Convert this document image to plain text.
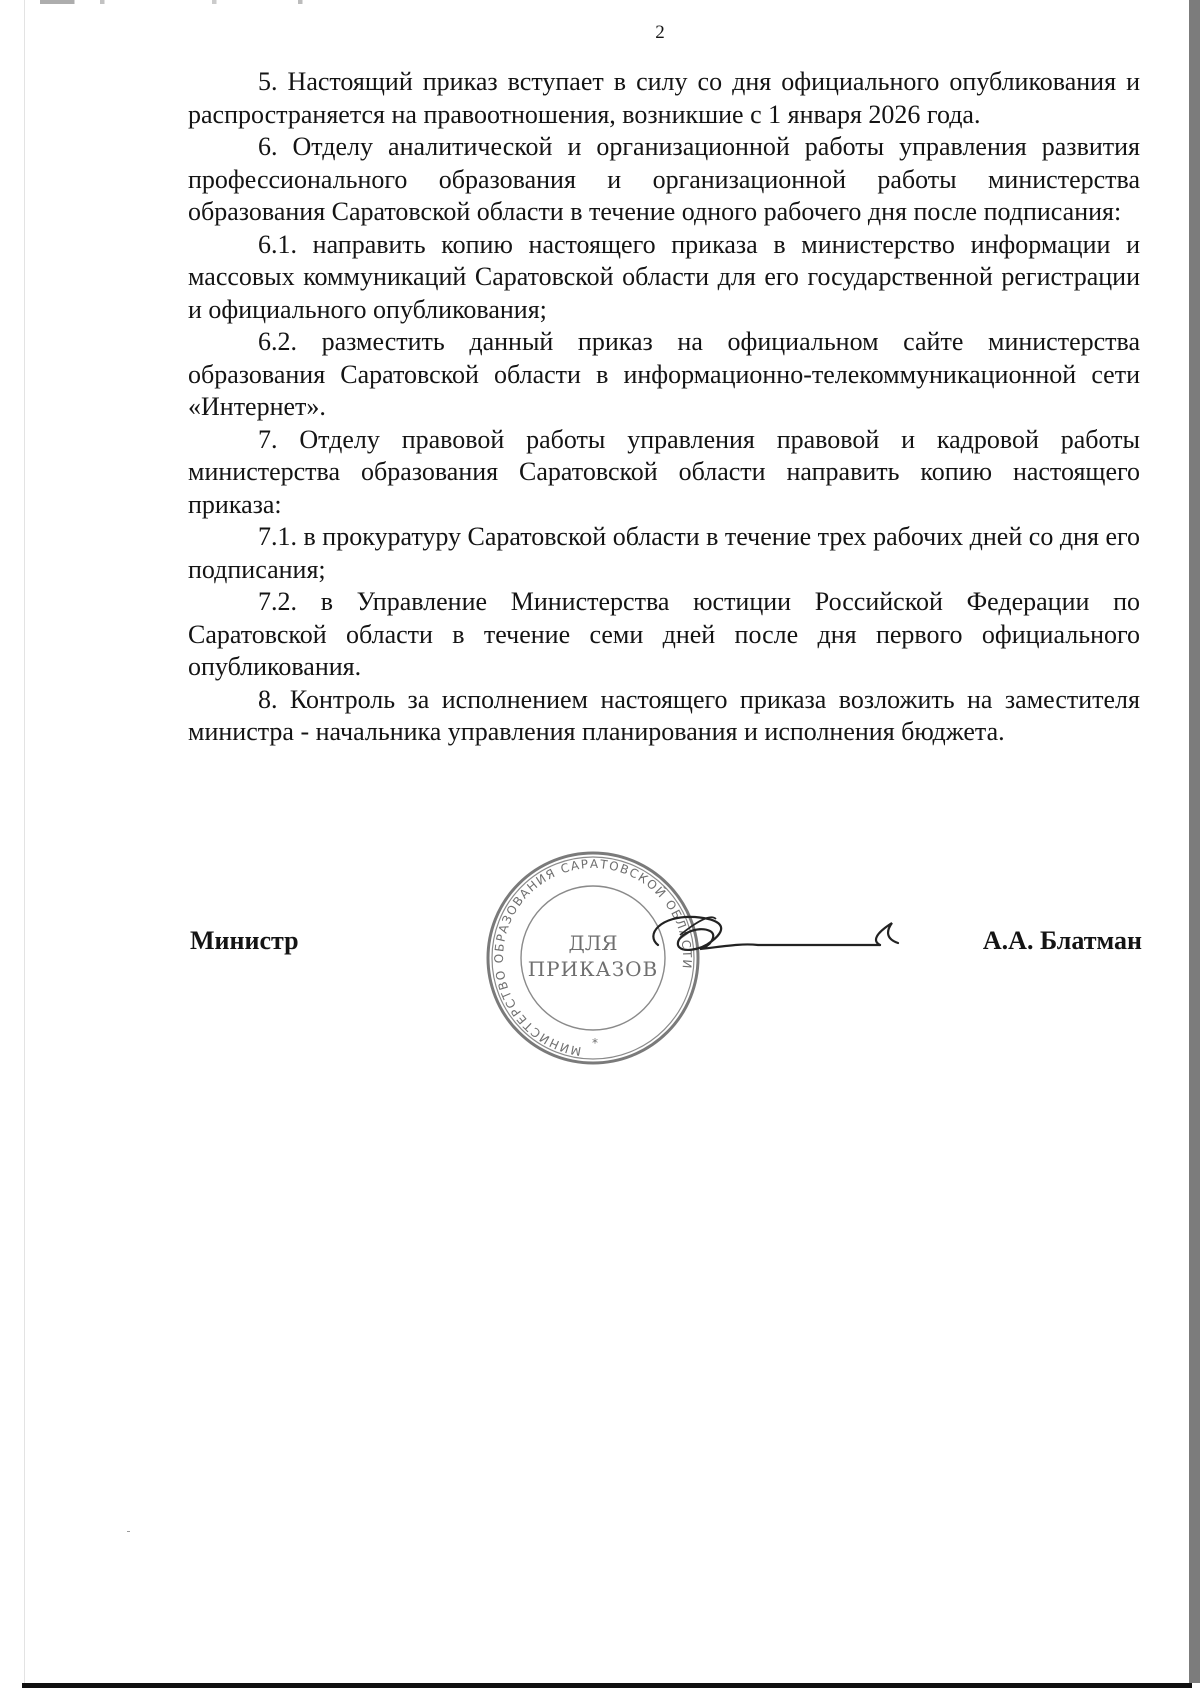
2

5. Настоящий приказ вступает в силу со дня официального опубликования и распространяется на правоотношения, возникшие с 1 января 2026 года.

6. Отделу аналитической и организационной работы управления развития профессионального образования и организационной работы министерства образования Саратовской области в течение одного рабочего дня после подписания:

6.1. направить копию настоящего приказа в министерство информации и массовых коммуникаций Саратовской области для его государственной регистрации и официального опубликования;

6.2. разместить данный приказ на официальном сайте министерства образования Саратовской области в информационно-телекоммуникационной сети «Интернет».

7. Отделу правовой работы управления правовой и кадровой работы министерства образования Саратовской области направить копию настоящего приказа:

7.1. в прокуратуру Саратовской области в течение трех рабочих дней со дня его подписания;

7.2. в Управление Министерства юстиции Российской Федерации по Саратовской области в течение семи дней после дня первого официального опубликования.

8. Контроль за исполнением настоящего приказа возложить на заместителя министра - начальника управления планирования и исполнения бюджета.

МИНИСТЕРСТВО ОБРАЗОВАНИЯ САРАТОВСКОЙ ОБЛАСТИ
ДЛЯ
ПРИКАЗОВ
*
Министр	А.А. Блатман
